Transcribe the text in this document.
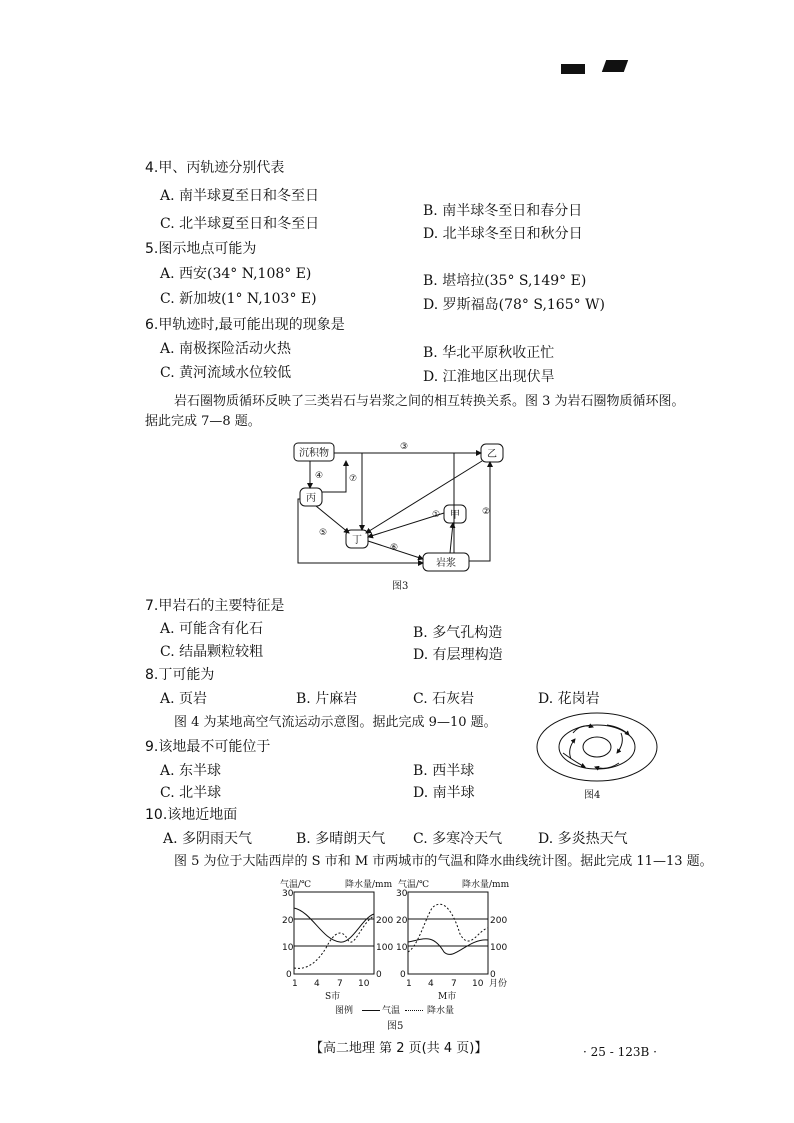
4.甲、丙轨迹分别代表
A. 南半球夏至日和冬至日
B. 南半球冬至日和春分日
C. 北半球夏至日和冬至日
D. 北半球冬至日和秋分日
5.图示地点可能为
A. 西安(34° N,108° E)	B. 堪培拉(35° S,149° E)
C. 新加坡(1° N,103° E)	D. 罗斯福岛(78° S,165° W)
6.甲轨迹时,最可能出现的现象是
A. 南极探险活动火热	B. 华北平原秋收正忙
C. 黄河流域水位较低	D. 江淮地区出现伏旱
岩石圈物质循环反映了三类岩石与岩浆之间的相互转换关系。图 3 为岩石圈物质循环图。
据此完成 7—8 题。
沉积物	乙
丙
甲
丁
岩浆
①	②
③
④
⑤
⑥
⑦
图3
7.甲岩石的主要特征是
A. 可能含有化石	B. 多气孔构造
C. 结晶颗粒较粗	D. 有层理构造
8.丁可能为
A. 页岩	B. 片麻岩	C. 石灰岩	D. 花岗岩
图 4 为某地高空气流运动示意图。据此完成 9—10 题。
图4
9.该地最不可能位于
A. 东半球	B. 西半球
C. 北半球	D. 南半球
10.该地近地面
A. 多阴雨天气	B. 多晴朗天气 C. 多寒冷天气	D. 多炎热天气
图 5 为位于大陆西岸的 S 市和 M 市两城市的气温和降水曲线统计图。据此完成 11—13 题。
气温/℃	降水量/mm 气温/℃	降水量/mm
30
20
10
0
200
100
0
30
20
10
0
200
100
0
1 4 7 10	1 4 7 10 月份
S市	M市
图例	气温	降水量
图5
【高二地理 第 2 页(共 4 页)】	· 25 - 123B ·
